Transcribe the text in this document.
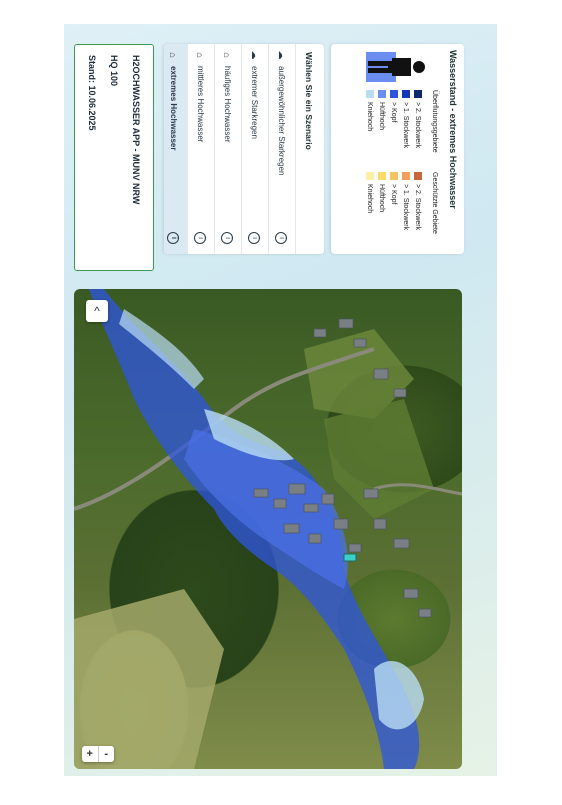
^
+	-
Wasserstand - extremes Hochwasser
Überflutungsgebiete
Geschützte Gebiete
> 2. Stockwerk
> 1. Stockwerk
> Kopf
Hüfthoch
Kniehoch
> 2. Stockwerk
> 1. Stockwerk
> Kopf
Hüfthoch
Kniehoch
Wählen Sie ein Szenario
☁
außergewöhnlicher Starkregen
i
☁
extremer Starkregen
i
⌂
häufiges Hochwasser
i
⌂
mittleres Hochwasser
i
⌂
extremes Hochwasser
i
H2OCHWASSER APP - MUNV NRW
HQ 100
Stand: 10.06.2025
